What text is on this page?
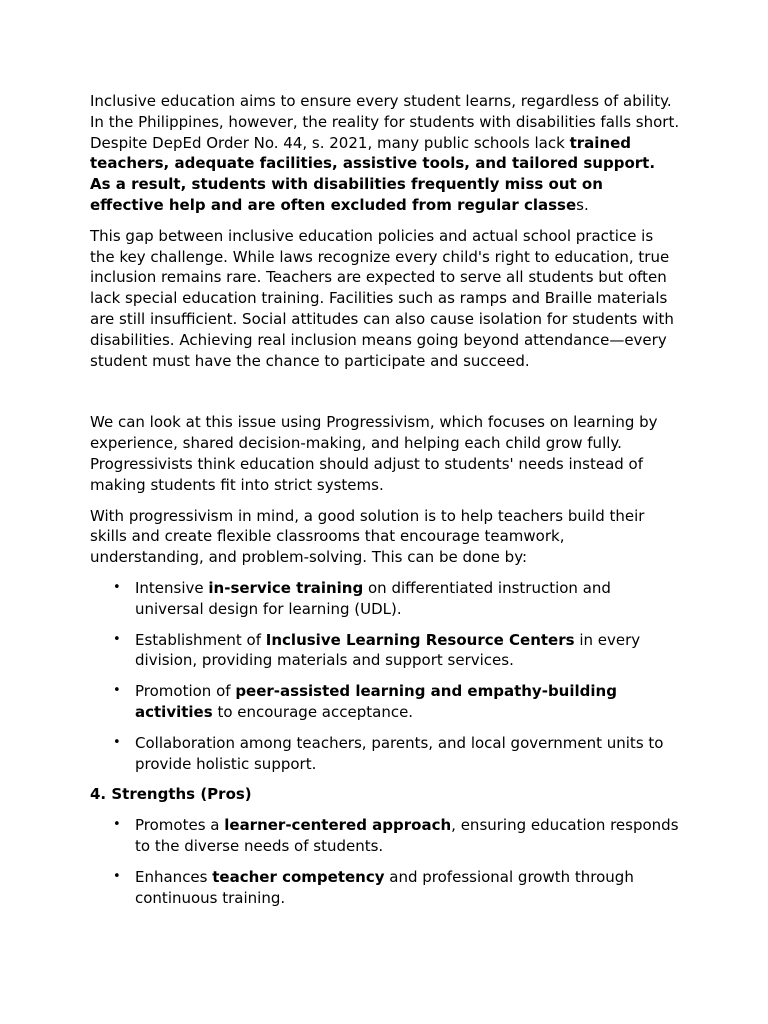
Inclusive education aims to ensure every student learns, regardless of ability. In the Philippines, however, the reality for students with disabilities falls short. Despite DepEd Order No. 44, s. 2021, many public schools lack trained teachers, adequate facilities, assistive tools, and tailored support. As a result, students with disabilities frequently miss out on effective help and are often excluded from regular classes.

This gap between inclusive education policies and actual school practice is the key challenge. While laws recognize every child's right to education, true inclusion remains rare. Teachers are expected to serve all students but often lack special education training. Facilities such as ramps and Braille materials are still insufficient. Social attitudes can also cause isolation for students with disabilities. Achieving real inclusion means going beyond attendance—every student must have the chance to participate and succeed.

We can look at this issue using Progressivism, which focuses on learning by experience, shared decision-making, and helping each child grow fully. Progressivists think education should adjust to students' needs instead of making students fit into strict systems.

With progressivism in mind, a good solution is to help teachers build their skills and create flexible classrooms that encourage teamwork, understanding, and problem-solving. This can be done by:

• Intensive in-service training on differentiated instruction and universal design for learning (UDL).
• Establishment of Inclusive Learning Resource Centers in every division, providing materials and support services.
• Promotion of peer-assisted learning and empathy-building activities to encourage acceptance.
• Collaboration among teachers, parents, and local government units to provide holistic support.
4. Strengths (Pros)
• Promotes a learner-centered approach, ensuring education responds to the diverse needs of students.
• Enhances teacher competency and professional growth through continuous training.
